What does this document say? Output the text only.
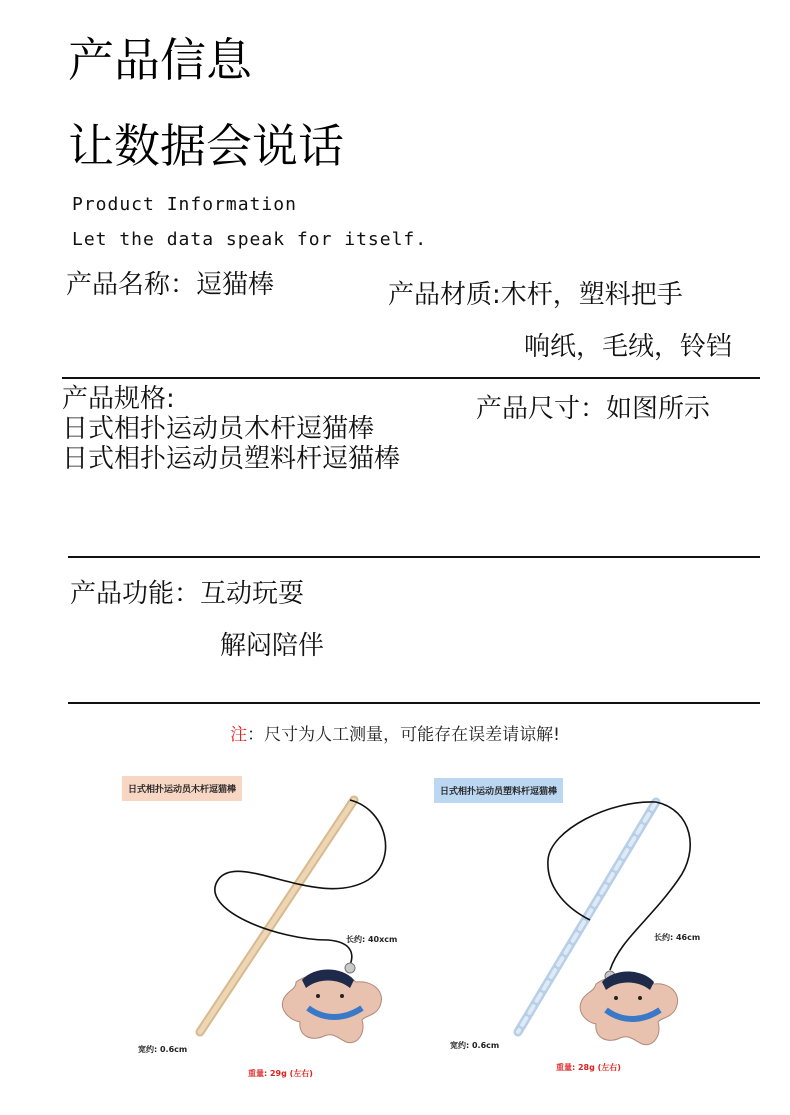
产品信息
让数据会说话
Product Information
Let the data speak for itself.
产品名称：逗猫棒	产品材质:木杆，塑料把手
响纸，毛绒，铃铛
产品规格:
日式相扑运动员木杆逗猫棒
日式相扑运动员塑料杆逗猫棒
产品尺寸：如图所示
产品功能：互动玩耍
解闷陪伴
注：尺寸为人工测量，可能存在误差请谅解!
日式相扑运动员木杆逗猫棒
长约: 40xcm
宽约: 0.6cm
重量: 29g (左右)
日式相扑运动员塑料杆逗猫棒
长约: 46cm
宽约: 0.6cm
重量: 28g (左右)
